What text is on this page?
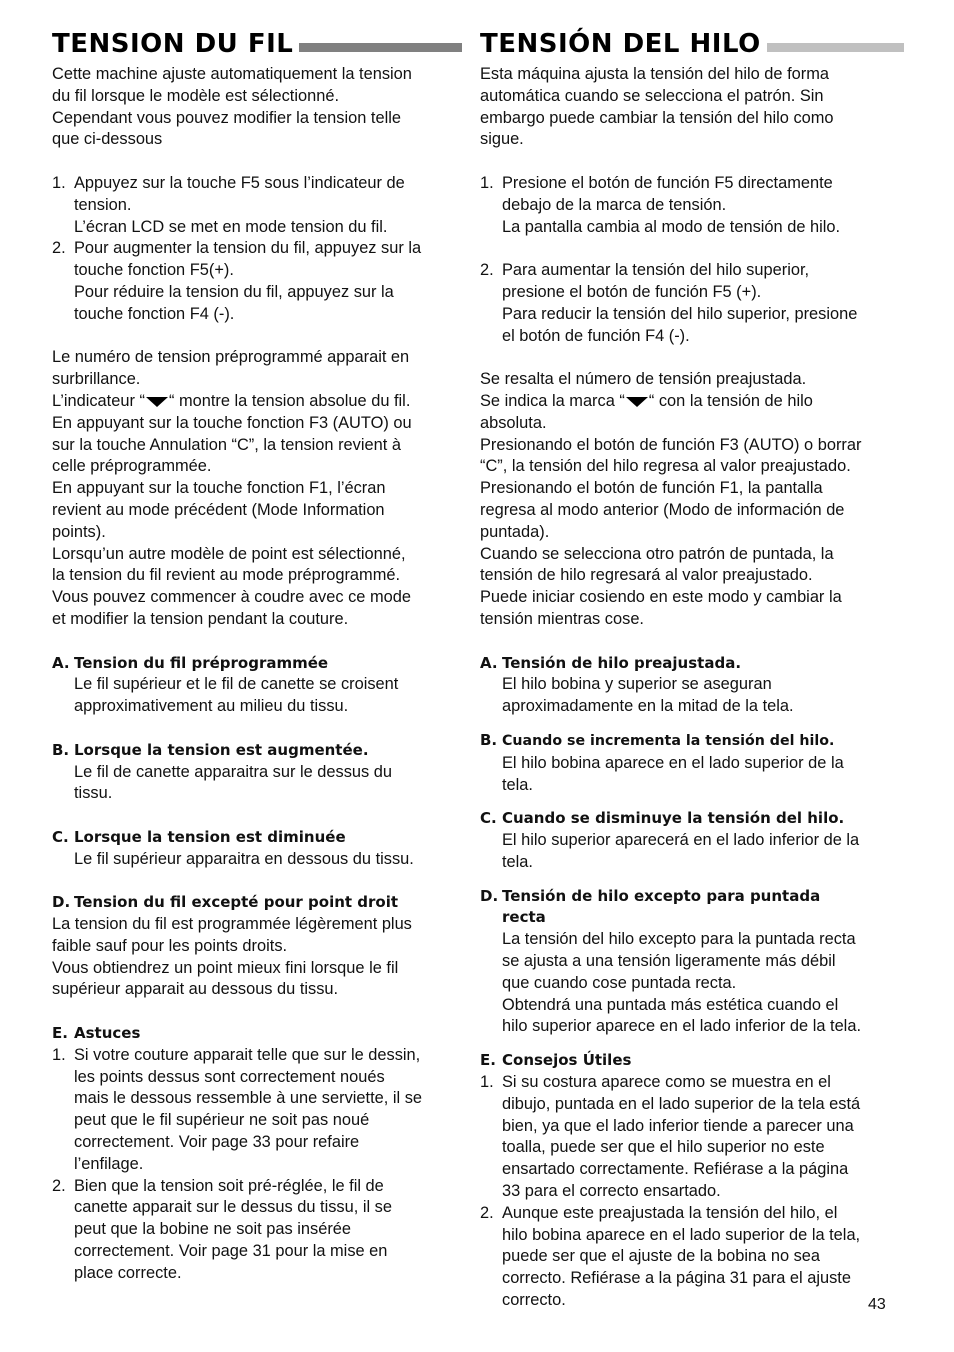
TENSION DU FIL

Cette machine ajuste automatiquement la tension

du fil lorsque le modèle est sélectionné.

Cependant vous pouvez modifier la tension telle

que ci-dessous

1. Appuyez sur la touche F5 sous l’indicateur de
tension.
L’écran LCD se met en mode tension du fil.
2. Pour augmenter la tension du fil, appuyez sur la
touche fonction F5(+).
Pour réduire la tension du fil, appuyez sur la
touche fonction F4 (-).

Le numéro de tension préprogrammé apparait en

surbrillance.

L’indicateur “ “ montre la tension absolue du fil.

En appuyant sur la touche fonction F3 (AUTO) ou

sur la touche Annulation “C”, la tension revient à

celle préprogrammée.

En appuyant sur la touche fonction F1, l’écran

revient au mode précédent (Mode Information

points).

Lorsqu’un autre modèle de point est sélectionné,

la tension du fil revient au mode préprogrammé.

Vous pouvez commencer à coudre avec ce mode

et modifier la tension pendant la couture.

A. Tension du fil préprogrammée
Le fil supérieur et le fil de canette se croisent
approximativement au milieu du tissu.
B. Lorsque la tension est augmentée.
Le fil de canette apparaitra sur le dessus du
tissu.
C. Lorsque la tension est diminuée
Le fil supérieur apparaitra en dessous du tissu.
D. Tension du fil excepté pour point droit

La tension du fil est programmée légèrement plus

faible sauf pour les points droits.

Vous obtiendrez un point mieux fini lorsque le fil

supérieur apparait au dessous du tissu.

E. Astuces
1. Si votre couture apparait telle que sur le dessin,
les points dessus sont correctement noués
mais le dessous ressemble à une serviette, il se
peut que le fil supérieur ne soit pas noué
correctement. Voir page 33 pour refaire
l’enfilage.
2. Bien que la tension soit pré-réglée, le fil de
canette apparait sur le dessus du tissu, il se
peut que la bobine ne soit pas insérée
correctement. Voir page 31 pour la mise en
place correcte.
TENSIÓN DEL HILO

Esta máquina ajusta la tensión del hilo de forma

automática cuando se selecciona el patrón. Sin

embargo puede cambiar la tensión del hilo como

sigue.

1. Presione el botón de función F5 directamente
debajo de la marca de tensión.
La pantalla cambia al modo de tensión de hilo.
2. Para aumentar la tensión del hilo superior,
presione el botón de función F5 (+).
Para reducir la tensión del hilo superior, presione
el botón de función F4 (-).

Se resalta el número de tensión preajustada.

Se indica la marca “ “ con la tensión de hilo

absoluta.

Presionando el botón de función F3 (AUTO) o borrar

“C”, la tensión del hilo regresa al valor preajustado.

Presionando el botón de función F1, la pantalla

regresa al modo anterior (Modo de información de

puntada).

Cuando se selecciona otro patrón de puntada, la

tensión de hilo regresará al valor preajustado.

Puede iniciar cosiendo en este modo y cambiar la

tensión mientras cose.

A. Tensión de hilo preajustada.
El hilo bobina y superior se aseguran
aproximadamente en la mitad de la tela.
B. Cuando se incrementa la tensión del hilo.
El hilo bobina aparece en el lado superior de la
tela.
C. Cuando se disminuye la tensión del hilo.
El hilo superior aparecerá en el lado inferior de la
tela.
D. Tensión de hilo excepto para puntada
recta
La tensión del hilo excepto para la puntada recta
se ajusta a una tensión ligeramente más débil
que cuando cose puntada recta.
Obtendrá una puntada más estética cuando el
hilo superior aparece en el lado inferior de la tela.
E. Consejos Útiles
1. Si su costura aparece como se muestra en el
dibujo, puntada en el lado superior de la tela está
bien, ya que el lado inferior tiende a parecer una
toalla, puede ser que el hilo superior no este
ensartado correctamente. Refiérase a la página
33 para el correcto ensartado.
2. Aunque este preajustada la tensión del hilo, el
hilo bobina aparece en el lado superior de la tela,
puede ser que el ajuste de la bobina no sea
correcto. Refiérase a la página 31 para el ajuste
correcto.	43
